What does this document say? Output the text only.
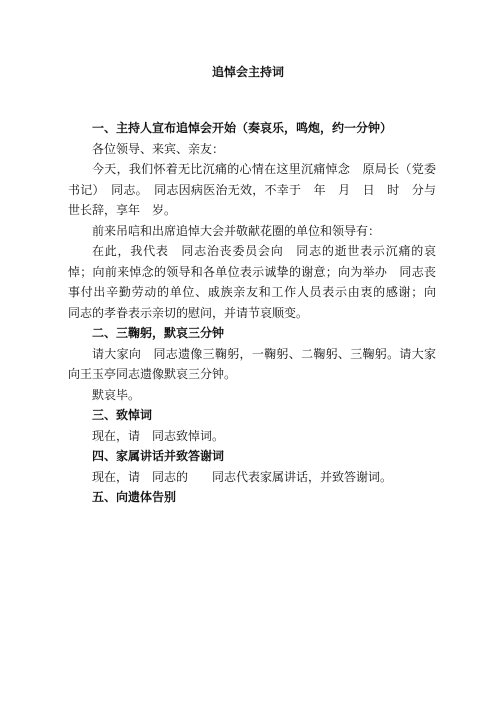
追悼会主持词

一、主持人宣布追悼会开始（奏哀乐，鸣炮，约一分钟）

各位领导、来宾、亲友：

今天，我们怀着无比沉痛的心情在这里沉痛悼念　原局长（党委书记）　同志。　同志因病医治无效，不幸于　年　月　日　时　分与世长辞，享年　岁。

前来吊唁和出席追悼大会并敬献花圈的单位和领导有：

在此，我代表　同志治丧委员会向　同志的逝世表示沉痛的哀悼；向前来悼念的领导和各单位表示诚挚的谢意；向为举办　同志丧事付出辛勤劳动的单位、戚族亲友和工作人员表示由衷的感谢；向　同志的孝眷表示亲切的慰问，并请节哀顺变。

二、三鞠躬，默哀三分钟

请大家向　同志遗像三鞠躬，一鞠躬、二鞠躬、三鞠躬。请大家向王玉亭同志遗像默哀三分钟。

默哀毕。

三、致悼词

现在，请　同志致悼词。

四、家属讲话并致答谢词

现在，请　同志的　　同志代表家属讲话，并致答谢词。

五、向遗体告别
